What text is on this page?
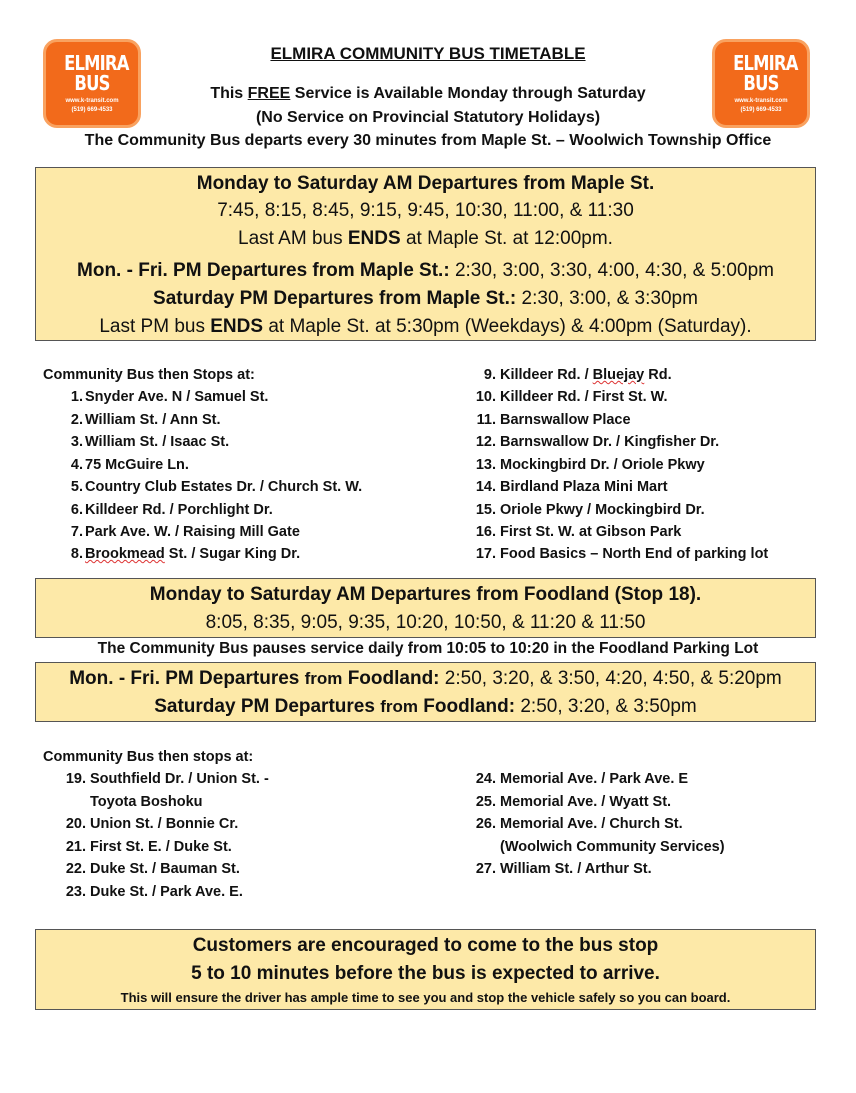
ELMIRA
BUS
www.k-transit.com
(519) 669-4533
ELMIRA
BUS
www.k-transit.com
(519) 669-4533
ELMIRA COMMUNITY BUS TIMETABLE
This FREE Service is Available Monday through Saturday
(No Service on Provincial Statutory Holidays)
The Community Bus departs every 30 minutes from Maple St. – Woolwich Township Office
Monday to Saturday AM Departures from Maple St.
7:45, 8:15, 8:45, 9:15, 9:45, 10:30, 11:00, & 11:30
Last AM bus ENDS at Maple St. at 12:00pm.
Mon. - Fri. PM Departures from Maple St.: 2:30, 3:00, 3:30, 4:00, 4:30, & 5:00pm
Saturday PM Departures from Maple St.: 2:30, 3:00, & 3:30pm
Last PM bus ENDS at Maple St. at 5:30pm (Weekdays) & 4:00pm (Saturday).
Community Bus then Stops at:
1. Snyder Ave. N / Samuel St.
2. William St. / Ann St.
3. William St. / Isaac St.
4. 75 McGuire Ln.
5. Country Club Estates Dr. / Church St. W.
6. Killdeer Rd. / Porchlight Dr.
7. Park Ave. W. / Raising Mill Gate
8. Brookmead St. / Sugar King Dr.
9. Killdeer Rd. / Bluejay Rd.
10. Killdeer Rd. / First St. W.
11. Barnswallow Place
12. Barnswallow Dr. / Kingfisher Dr.
13. Mockingbird Dr. / Oriole Pkwy
14. Birdland Plaza Mini Mart
15. Oriole Pkwy / Mockingbird Dr.
16. First St. W. at Gibson Park
17. Food Basics – North End of parking lot
Monday to Saturday AM Departures from Foodland (Stop 18).
8:05, 8:35, 9:05, 9:35, 10:20, 10:50, & 11:20 & 11:50
The Community Bus pauses service daily from 10:05 to 10:20 in the Foodland Parking Lot
Mon. - Fri. PM Departures from Foodland: 2:50, 3:20, & 3:50, 4:20, 4:50, & 5:20pm
Saturday PM Departures from Foodland: 2:50, 3:20, & 3:50pm
Community Bus then stops at:
19. Southfield Dr. / Union St. -
Toyota Boshoku
20. Union St. / Bonnie Cr.
21. First St. E. / Duke St.
22. Duke St. / Bauman St.
23. Duke St. / Park Ave. E.
24. Memorial Ave. / Park Ave. E
25. Memorial Ave. / Wyatt St.
26. Memorial Ave. / Church St.
(Woolwich Community Services)
27. William St. / Arthur St.
Customers are encouraged to come to the bus stop
5 to 10 minutes before the bus is expected to arrive.
This will ensure the driver has ample time to see you and stop the vehicle safely so you can board.
